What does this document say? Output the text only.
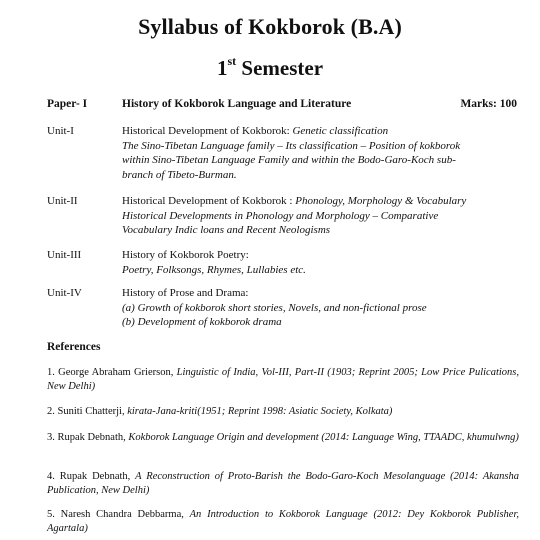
Syllabus of Kokborok (B.A)
1st Semester
Paper- I	History of Kokborok Language and Literature	Marks: 100
Unit-I	Historical Development of Kokborok: Genetic classification
The Sino-Tibetan Language family – Its classification – Position of kokborok
within Sino-Tibetan Language Family and within the Bodo-Garo-Koch sub-
branch of Tibeto-Burman.
Unit-II	Historical Development of Kokborok : Phonology, Morphology & Vocabulary
Historical Developments in Phonology and Morphology – Comparative
Vocabulary Indic loans and Recent Neologisms
Unit-III	History of Kokborok Poetry:
Poetry, Folksongs, Rhymes, Lullabies etc.
Unit-IV	History of Prose and Drama:
(a) Growth of kokborok short stories, Novels, and non-fictional prose
(b) Development of kokborok drama
References
1. George Abraham Grierson, Linguistic of India, Vol-III, Part-II (1903; Reprint 2005; Low Price Pulications, New Delhi)
2. Suniti Chatterji, kirata-Jana-kriti(1951; Reprint 1998: Asiatic Society, Kolkata)
3. Rupak Debnath, Kokborok Language Origin and development (2014: Language Wing, TTAADC, khumulwng)
4. Rupak Debnath, A Reconstruction of Proto-Barish the Bodo-Garo-Koch Mesolanguage (2014: Akansha Publication, New Delhi)
5. Naresh Chandra Debbarma, An Introduction to Kokborok Language (2012: Dey Kokborok Publisher, Agartala)
